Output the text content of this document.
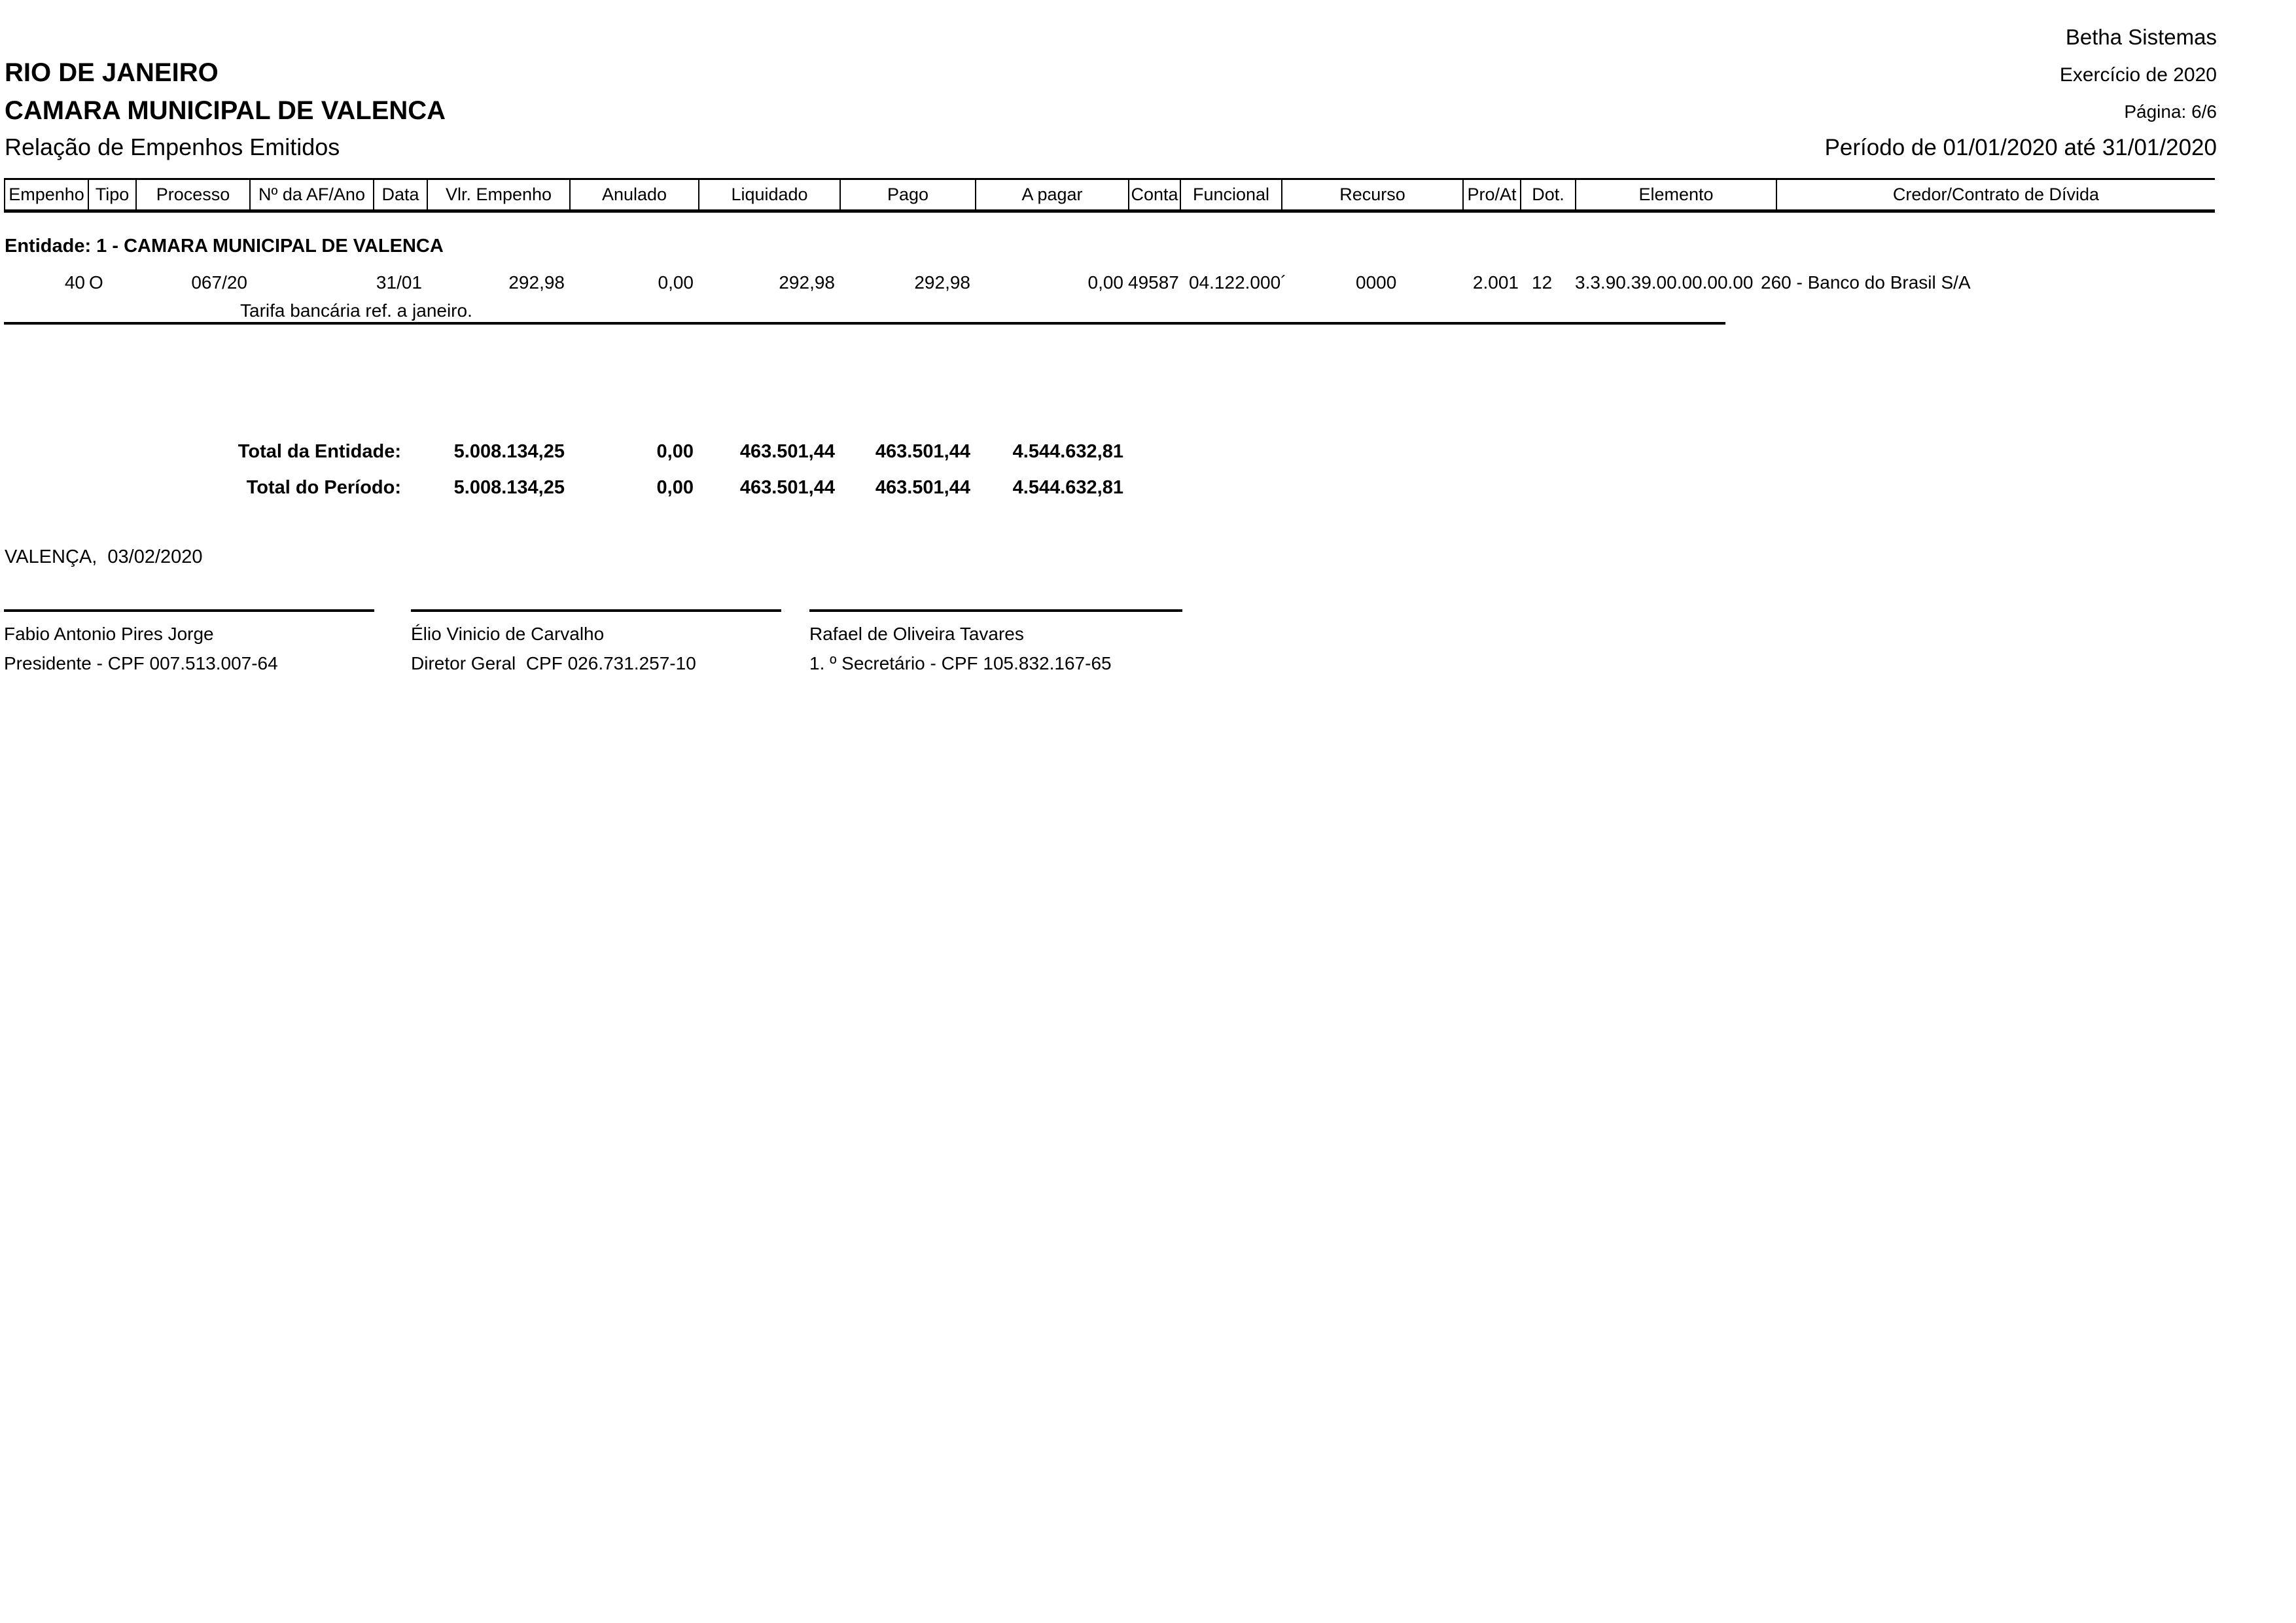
RIO DE JANEIRO
CAMARA MUNICIPAL DE VALENCA
Relação de Empenhos Emitidos
Betha Sistemas
Exercício de 2020
Página: 6/6
Período de 01/01/2020 até 31/01/2020
Empenho Tipo	Processo	Nº da AF/Ano Data	Vlr. Empenho	Anulado	Liquidado	Pago	A pagar	Conta Funcional	Recurso	Pro/At Dot.	Elemento	Credor/Contrato de Dívida
Entidade: 1 - CAMARA MUNICIPAL DE VALENCA
40 O	067/20	31/01	292,98	0,00	292,98	292,98	0,00 49587 04.122.000´	0000	2.001 12	3.3.90.39.00.00.00.00 260 - Banco do Brasil S/A
Tarifa bancária ref. a janeiro.
Total da Entidade:	5.008.134,25	0,00 463.501,44 463.501,44 4.544.632,81
Total do Período:	5.008.134,25	0,00 463.501,44 463.501,44 4.544.632,81
VALENÇA,  03/02/2020
Fabio Antonio Pires Jorge
Presidente - CPF 007.513.007-64
Élio Vinicio de Carvalho
Diretor Geral  CPF 026.731.257-10
Rafael de Oliveira Tavares
1. º Secretário - CPF 105.832.167-65
